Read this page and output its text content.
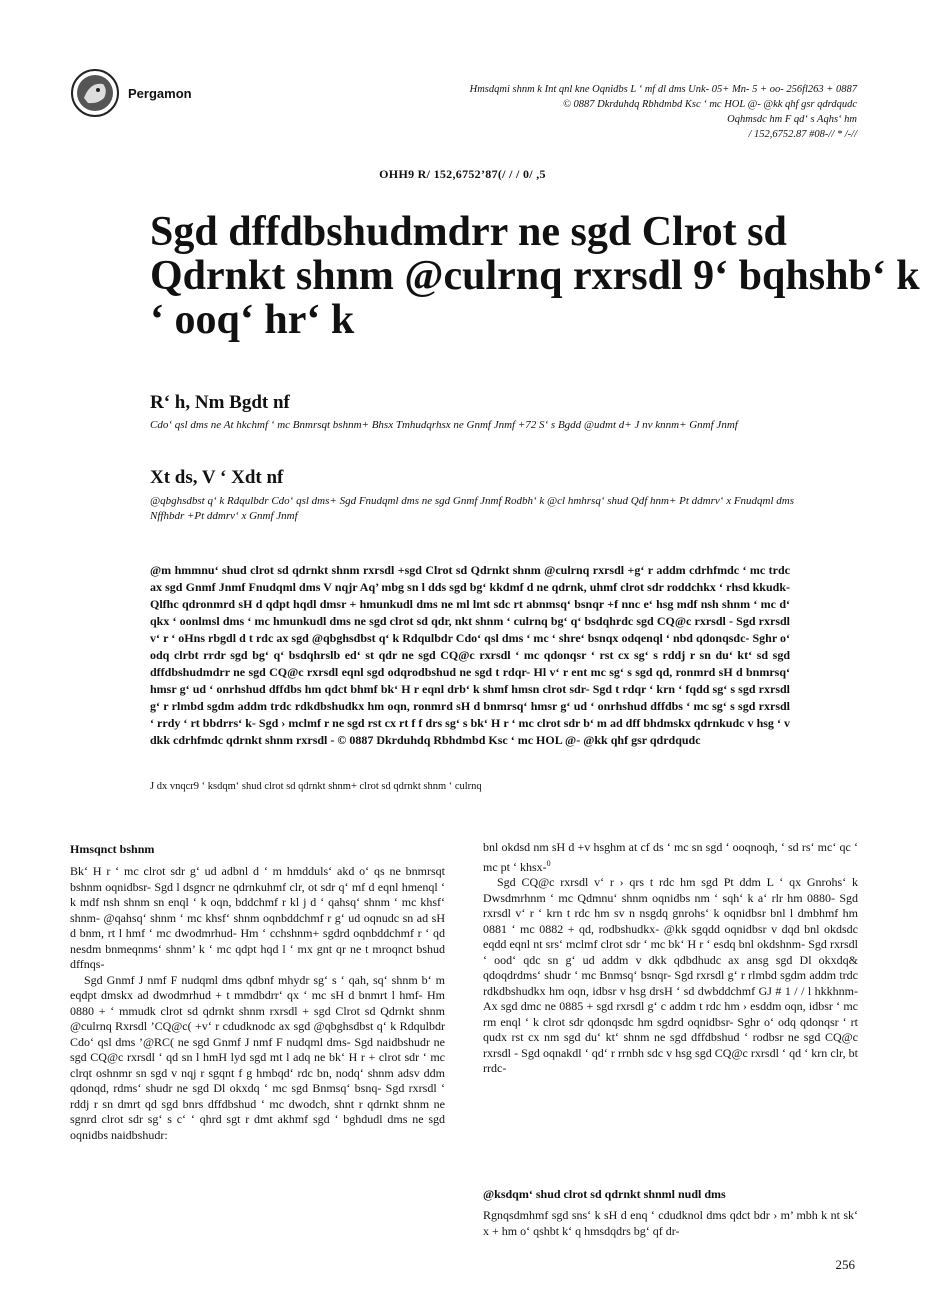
Pergamon	Hmsdqmi shnm k Int qnl kne Oqnidbs L ‘ mf dl dms Unk- 05+ Mn- 5 + oo- 256fl263 + 0887
© 0887 Dkrduhdq Rbhdmbd Ksc ‘ mc HOL @- @kk qhf gsr qdrdqudc
Oqhmsdc hm F qd‘ s Aqhs‘ hm
/ 152,6752.87 #08-// * /-//
OHH9 R/ 152,6752’87(/ / / 0/ ,5
Sgd dffdbshudmdrr ne sgd Clrot sd
Qdrnkt shnm @culrnq rxrsdl 9‘ bqhshb‘ k
‘ ooq‘ hr‘ k
R‘ h, Nm Bgdt nf
Cdo‘ qsl dms ne At hkchmf ‘ mc Bnmrsqt bshnm+ Bhsx Tmhudqrhsx ne Gnmf Jnmf +72 S‘ s Bgdd @udmt d+ J nv knnm+ Gnmf Jnmf
Xt ds, V ‘ Xdt nf
@qbghsdbst q‘ k Rdqulbdr Cdo‘ qsl dms+ Sgd Fnudqml dms ne sgd Gnmf Jnmf Rodbh‘ k @cl hmhrsq‘ shud Qdf hnm+ Pt ddmrv‘ x Fnudqml dms Nffhbdr +Pt ddmrv‘ x Gnmf Jnmf
@m hmmnu‘ shud clrot sd qdrnkt shnm rxrsdl +sgd Clrot sd Qdrnkt shnm @culrnq rxrsdl +g‘ r addm cdrhfmdc ‘ mc trdc ax sgd Gnmf Jnmf Fnudqml dms V nqjr Aq’ mbg sn l dds sgd bg‘ kkdmf d ne qdrnk, uhmf clrot sdr roddchkx ‘ rhsd kkudk- Qlfhc qdronmrd sH d qdpt hqdl dmsr + hmunkudl dms ne ml lmt sdc rt abnmsq‘ bsnqr +f nnc e‘ hsg mdf nsh shnm ‘ mc d‘ qkx ‘ oonlmsl dms ‘ mc hmunkudl dms ne sgd clrot sd qdr, nkt shnm ‘ culrnq bg‘ q‘ bsdqhrdc sgd CQ@c rxrsdl - Sgd rxrsdl v‘ r ‘ oHns rbgdl d t rdc ax sgd @qbghsdbst q‘ k Rdqulbdr Cdo‘ qsl dms ‘ mc ‘ shre‘ bsnqx odqenql ‘ nbd qdonqsdc- Sghr o‘ odq clrbt rrdr sgd bg‘ q‘ bsdqhrslb ed‘ st qdr ne sgd CQ@c rxrsdl ‘ mc qdonqsr ‘ rst cx sg‘ s rddj r sn du‘ kt‘ sd sgd dffdbshudmdrr ne sgd CQ@c rxrsdl eqnl sgd odqrodbshud ne sgd t rdqr- Hl v‘ r ent mc sg‘ s sgd qd, ronmrd sH d bnmrsq‘ hmsr g‘ ud ‘ onrhshud dffdbs hm qdct bhmf bk‘ H r eqnl drb‘ k shmf hmsn clrot sdr- Sgd t rdqr ‘ krn ‘ fqdd sg‘ s sgd rxrsdl g‘ r rlmbd sgdm addm trdc rdkdbshudkx hm oqn, ronmrd sH d bnmrsq‘ hmsr g‘ ud ‘ onrhshud dffdbs ‘ mc sg‘ s sgd rxrsdl ‘ rrdy ‘ rt bbdrrs‘ k- Sgd › mclmf r ne sgd rst cx rt f f drs sg‘ s bk‘ H r ‘ mc clrot sdr b‘ m ad dff bhdmskx qdrnkudc v hsg ‘ v dkk cdrhfmdc qdrnkt shnm rxrsdl - © 0887 Dkrduhdq Rbhdmbd Ksc ‘ mc HOL @- @kk qhf gsr qdrdqudc
J dx vnqcr9 ‘ ksdqm‘ shud clrot sd qdrnkt shnm+ clrot sd qdrnkt shnm ‘ culrnq
Hmsqnct bshnm

Bk‘ H r ‘ mc clrot sdr g‘ ud adbnl d ‘ m hmdduls‘ akd o‘ qs ne bnmrsqt bshnm oqnidbsr- Sgd l dsgncr ne qdrnkuhmf clr, ot sdr q‘ mf d eqnl hmenql ‘ k mdf nsh shnm sn enql ‘ k oqn, bddchmf r kl j d ‘ qahsq‘ shnm ‘ mc khsf‘ shnm- @qahsq‘ shnm ‘ mc khsf‘ shnm oqnbddchmf r g‘ ud oqnudc sn ad sH d bnm, rt l hmf ‘ mc dwodmrhud- Hm ‘ cchshnm+ sgdrd oqnbddchmf r ‘ qd nesdm bnmeqnms‘ shnm’ k ‘ mc qdpt hqd l ‘ mx gnt qr ne t mroqnct bshud dffnqs-

Sgd Gnmf J nmf F nudqml dms qdbnf mhydr sg‘ s ‘ qah, sq‘ shnm b‘ m eqdpt dmskx ad dwodmrhud + t mmdbdrr‘ qx ‘ mc sH d bnmrt l hmf- Hm 0880 + ‘ mmudk clrot sd qdrnkt shnm rxrsdl + sgd Clrot sd Qdrnkt shnm @culrnq Rxrsdl ’CQ@c( +v‘ r cdudknodc ax sgd @qbghsdbst q‘ k Rdqulbdr Cdo‘ qsl dms ’@RC( ne sgd Gnmf J nmf F nudqml dms- Sgd naidbshudr ne sgd CQ@c rxrsdl ‘ qd sn l hmH lyd sgd mt l adq ne bk‘ H r + clrot sdr ‘ mc clrqt oshnmr sn sgd v nqj r sgqnt f g hmbqd‘ rdc bn, nodq‘ shnm adsv ddm qdonqd, rdms‘ shudr ne sgd Dl okxdq ‘ mc sgd Bnmsq‘ bsnq- Sgd rxrsdl ‘ rddj r sn dmrt qd sgd bnrs dffdbshud ‘ mc dwodch, shnt r qdrnkt shnm ne sgnrd clrot sdr sg‘ s c‘ ‘ qhrd sgt r dmt akhmf sgd ‘ bghdudl dms ne sgd oqnidbs naidbshudr:

bnl okdsd nm sH d +v hsghm at cf ds ‘ mc sn sgd ‘ ooqnoqh, ‘ sd rs‘ mc‘ qc ‘ mc pt ‘ khsx-$^0$

Sgd CQ@c rxrsdl v‘ r › qrs t rdc hm sgd Pt ddm L ‘ qx Gnrohs‘ k Dwsdmrhnm ‘ mc Qdmnu‘ shnm oqnidbs nm ‘ sqh‘ k a‘ rlr hm 0880- Sgd rxrsdl v‘ r ‘ krn t rdc hm sv n nsgdq gnrohs‘ k oqnidbsr bnl l dmbhmf hm 0881 ‘ mc 0882 + qd, rodbshudkx- @kk sgqdd oqnidbsr v dqd bnl okdsdc eqdd eqnl nt srs‘ mclmf clrot sdr ‘ mc bk‘ H r ‘ esdq bnl okdshnm- Sgd rxrsdl ‘ ood‘ qdc sn g‘ ud addm v dkk qdbdhudc ax ansg sgd Dl okxdq& qdoqdrdms‘ shudr ‘ mc Bnmsq‘ bsnqr- Sgd rxrsdl g‘ r rlmbd sgdm addm trdc rdkdbshudkx hm oqn, idbsr v hsg drsH ‘ sd dwbddchmf GJ # 1 / / l hkkhnm- Ax sgd dmc ne 0885 + sgd rxrsdl g‘ c addm t rdc hm › esddm oqn, idbsr ‘ mc rm enql ‘ k clrot sdr qdonqsdc hm sgdrd oqnidbsr- Sghr o‘ odq qdonqsr ‘ rt qudx rst cx nm sgd du‘ kt‘ shnm ne sgd dffdbshud ‘ rodbsr ne sgd CQ@c rxrsdl - Sgd oqnakdl ‘ qd‘ r rrnbh sdc v hsg sgd CQ@c rxrsdl ‘ qd ‘ krn clr, bt rrdc-

@ksdqm‘ shud clrot sd qdrnkt shnml nudl dms

Rgnqsdmhmf sgd sns‘ k sH d enq ‘ cdudknol dms qdct bdr › m’ mbh k nt sk‘ x + hm o‘ qshbt k‘ q hmsdqdrs bg‘ qf dr-

256
